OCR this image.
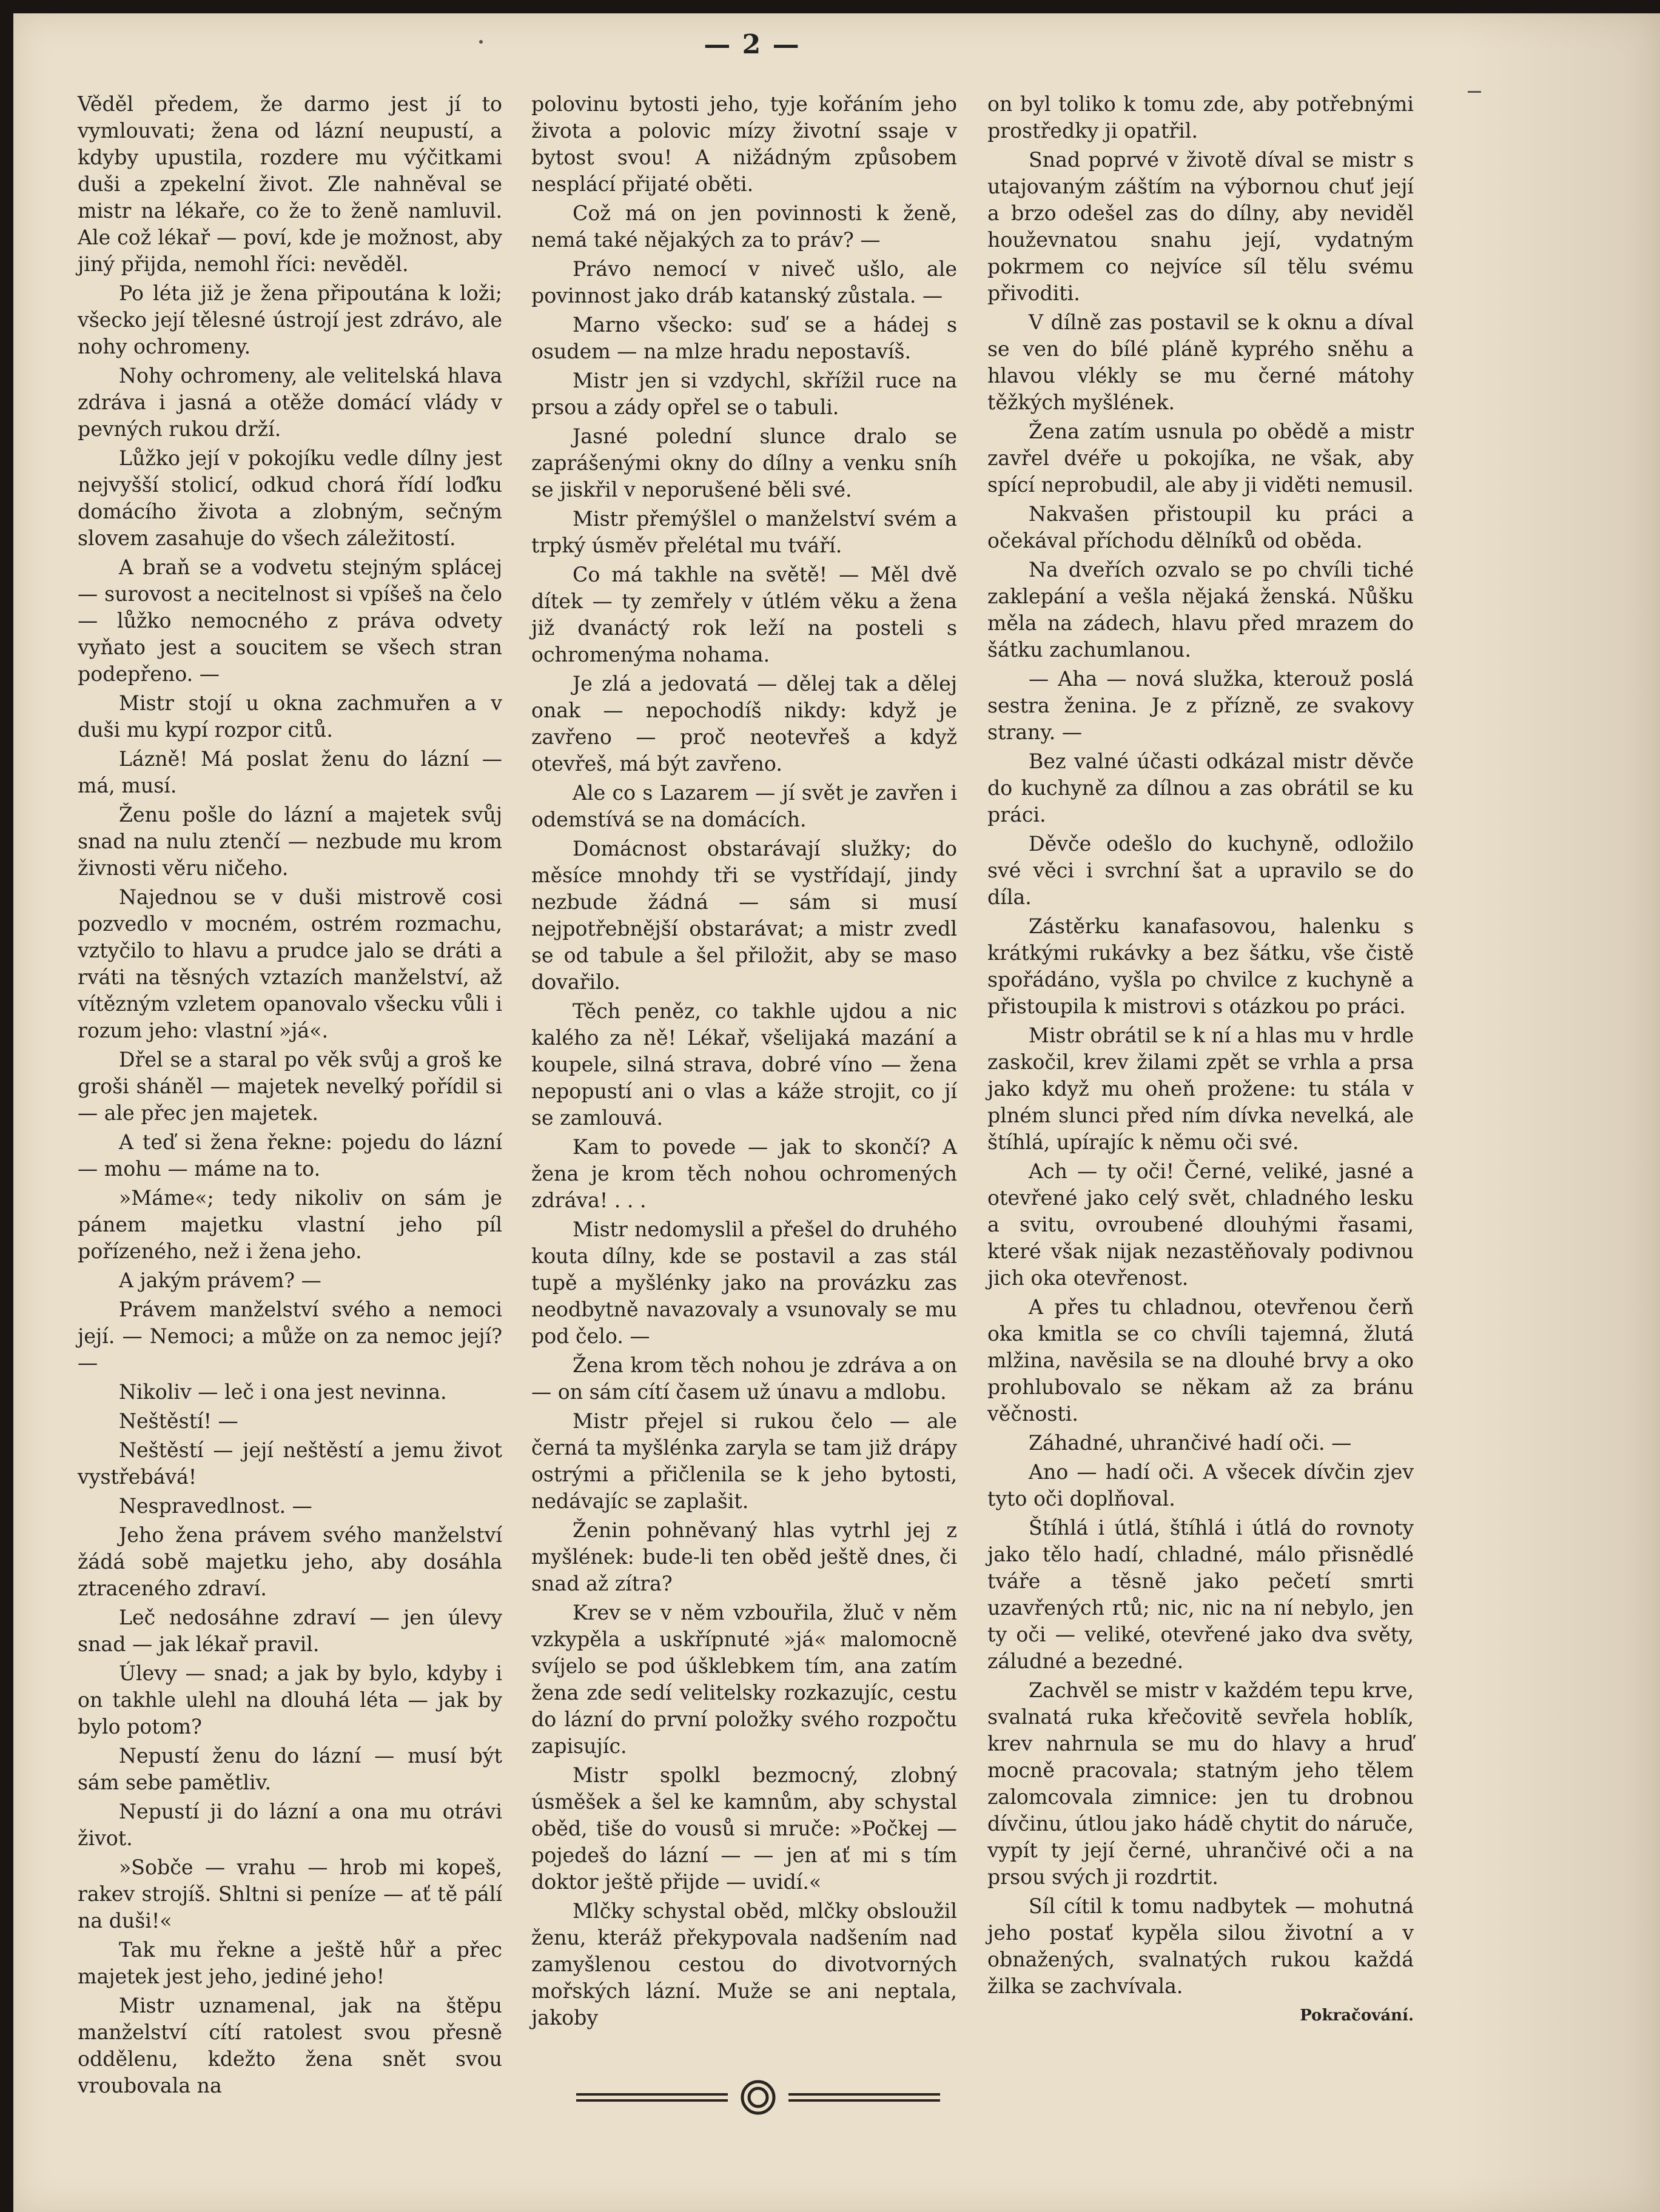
— 2 —

Věděl předem, že darmo jest jí to vymlouvati; žena od lázní neupustí, a kdyby upustila, rozdere mu výčitkami duši a zpekelní život. Zle nahněval se mistr na lékaře, co že to ženě namluvil. Ale což lékař — poví, kde je možnost, aby jiný přijda, nemohl říci: nevěděl.

Po léta již je žena připoutána k loži; všecko její tělesné ústrojí jest zdrávo, ale nohy ochromeny.

Nohy ochromeny, ale velitelská hlava zdráva i jasná a otěže domácí vlády v pevných rukou drží.

Lůžko její v pokojíku vedle dílny jest nejvyšší stolicí, odkud chorá řídí loďku domácího života a zlobným, sečným slovem zasahuje do všech záležitostí.

A braň se a vodvetu stejným splácej — surovost a necitelnost si vpíšeš na čelo — lůžko nemocného z práva odvety vyňato jest a soucitem se všech stran podepřeno. —

Mistr stojí u okna zachmuřen a v duši mu kypí rozpor citů.

Lázně! Má poslat ženu do lázní — má, musí.

Ženu pošle do lázní a majetek svůj snad na nulu ztenčí — nezbude mu krom živnosti věru ničeho.

Najednou se v duši mistrově cosi pozvedlo v mocném, ostrém rozmachu, vztyčilo to hlavu a prudce jalo se dráti a rváti na těsných vztazích manželství, až vítězným vzletem opanovalo všecku vůli i rozum jeho: vlastní »já«.

Dřel se a staral po věk svůj a groš ke groši sháněl — majetek nevelký pořídil si — ale přec jen majetek.

A teď si žena řekne: pojedu do lázní — mohu — máme na to.

»Máme«; tedy nikoliv on sám je pánem majetku vlastní jeho píl pořízeného, než i žena jeho.

A jakým právem? —

Právem manželství svého a nemoci její. — Nemoci; a může on za nemoc její? —

Nikoliv — leč i ona jest nevinna.

Neštěstí! —

Neštěstí — její neštěstí a jemu život vystřebává!

Nespravedlnost. —

Jeho žena právem svého manželství žádá sobě majetku jeho, aby dosáhla ztraceného zdraví.

Leč nedosáhne zdraví — jen úlevy snad — jak lékař pravil.

Úlevy — snad; a jak by bylo, kdyby i on takhle ulehl na dlouhá léta — jak by bylo potom?

Nepustí ženu do lázní — musí být sám sebe pamětliv.

Nepustí ji do lázní a ona mu otrávi život.

»Sobče — vrahu — hrob mi kopeš, rakev strojíš. Shltni si peníze — ať tě pálí na duši!«

Tak mu řekne a ještě hůř a přec majetek jest jeho, jediné jeho!

Mistr uznamenal, jak na štěpu manželství cítí ratolest svou přesně oddělenu, kdežto žena snět svou vroubovala na

polovinu bytosti jeho, tyje kořáním jeho života a polovic mízy životní ssaje v bytost svou! A nižádným způsobem nesplácí přijaté oběti.

Což má on jen povinnosti k ženě, nemá také nějakých za to práv? —

Právo nemocí v niveč ušlo, ale povinnost jako dráb katanský zůstala. —

Marno všecko: suď se a hádej s osudem — na mlze hradu nepostavíš.

Mistr jen si vzdychl, skřížil ruce na prsou a zády opřel se o tabuli.

Jasné polední slunce dralo se zaprášenými okny do dílny a venku sníh se jiskřil v neporušené běli své.

Mistr přemýšlel o manželství svém a trpký úsměv přelétal mu tváří.

Co má takhle na světě! — Měl dvě dítek — ty zemřely v útlém věku a žena již dvanáctý rok leží na posteli s ochromenýma nohama.

Je zlá a jedovatá — dělej tak a dělej onak — nepochodíš nikdy: když je zavřeno — proč neotevřeš a když otevřeš, má být zavřeno.

Ale co s Lazarem — jí svět je zavřen i odemstívá se na domácích.

Domácnost obstarávají služky; do měsíce mnohdy tři se vystřídají, jindy nezbude žádná — sám si musí nejpotřebnější obstarávat; a mistr zvedl se od tabule a šel přiložit, aby se maso dovařilo.

Těch peněz, co takhle ujdou a nic kalého za ně! Lékař, všelijaká mazání a koupele, silná strava, dobré víno — žena nepopustí ani o vlas a káže strojit, co jí se zamlouvá.

Kam to povede — jak to skončí? A žena je krom těch nohou ochromených zdráva! . . .

Mistr nedomyslil a přešel do druhého kouta dílny, kde se postavil a zas stál tupě a myšlénky jako na provázku zas neodbytně navazovaly a vsunovaly se mu pod čelo. —

Žena krom těch nohou je zdráva a on — on sám cítí časem už únavu a mdlobu.

Mistr přejel si rukou čelo — ale černá ta myšlénka zaryla se tam již drápy ostrými a přičlenila se k jeho bytosti, nedávajíc se zaplašit.

Ženin pohněvaný hlas vytrhl jej z myšlének: bude-li ten oběd ještě dnes, či snad až zítra?

Krev se v něm vzbouřila, žluč v něm vzkypěla a uskřípnuté »já« malomocně svíjelo se pod úšklebkem tím, ana zatím žena zde sedí velitelsky rozkazujíc, cestu do lázní do první položky svého rozpočtu zapisujíc.

Mistr spolkl bezmocný, zlobný úsměšek a šel ke kamnům, aby schystal oběd, tiše do vousů si mruče: »Počkej — pojedeš do lázní — — jen ať mi s tím doktor ještě přijde — uvidí.«

Mlčky schystal oběd, mlčky obsloužil ženu, kteráž překypovala nadšením nad zamyšlenou cestou do divotvorných mořských lázní. Muže se ani neptala, jakoby

on byl toliko k tomu zde, aby potřebnými prostředky ji opatřil.

Snad poprvé v životě díval se mistr s utajovaným záštím na výbornou chuť její a brzo odešel zas do dílny, aby neviděl houževnatou snahu její, vydatným pokrmem co nejvíce síl tělu svému přivoditi.

V dílně zas postavil se k oknu a díval se ven do bílé pláně kyprého sněhu a hlavou vlékly se mu černé mátohy těžkých myšlének.

Žena zatím usnula po obědě a mistr zavřel dvéře u pokojíka, ne však, aby spící neprobudil, ale aby ji viděti nemusil.

Nakvašen přistoupil ku práci a očekával příchodu dělníků od oběda.

Na dveřích ozvalo se po chvíli tiché zaklepání a vešla nějaká ženská. Nůšku měla na zádech, hlavu před mrazem do šátku zachumlanou.

— Aha — nová služka, kterouž poslá sestra ženina. Je z přízně, ze svakovy strany. —

Bez valné účasti odkázal mistr děvče do kuchyně za dílnou a zas obrátil se ku práci.

Děvče odešlo do kuchyně, odložilo své věci i svrchní šat a upravilo se do díla.

Zástěrku kanafasovou, halenku s krátkými rukávky a bez šátku, vše čistě spořádáno, vyšla po chvilce z kuchyně a přistoupila k mistrovi s otázkou po práci.

Mistr obrátil se k ní a hlas mu v hrdle zaskočil, krev žilami zpět se vrhla a prsa jako když mu oheň prožene: tu stála v plném slunci před ním dívka nevelká, ale štíhlá, upírajíc k němu oči své.

Ach — ty oči! Černé, veliké, jasné a otevřené jako celý svět, chladného lesku a svitu, ovroubené dlouhými řasami, které však nijak nezastěňovaly podivnou jich oka otevřenost.

A přes tu chladnou, otevřenou čerň oka kmitla se co chvíli tajemná, žlutá mlžina, navěsila se na dlouhé brvy a oko prohlubovalo se někam až za bránu věčnosti.

Záhadné, uhrančivé hadí oči. —

Ano — hadí oči. A všecek dívčin zjev tyto oči doplňoval.

Štíhlá i útlá, štíhlá i útlá do rovnoty jako tělo hadí, chladné, málo přisnědlé tváře a těsně jako pečetí smrti uzavřených rtů; nic, nic na ní nebylo, jen ty oči — veliké, otevřené jako dva světy, záludné a bezedné.

Zachvěl se mistr v každém tepu krve, svalnatá ruka křečovitě sevřela hoblík, krev nahrnula se mu do hlavy a hruď mocně pracovala; statným jeho tělem zalomcovala zimnice: jen tu drobnou dívčinu, útlou jako hádě chytit do náruče, vypít ty její černé, uhrančivé oči a na prsou svých ji rozdrtit.

Síl cítil k tomu nadbytek — mohutná jeho postať kypěla silou životní a v obnažených, svalnatých rukou každá žilka se zachvívala.

Pokračování.
